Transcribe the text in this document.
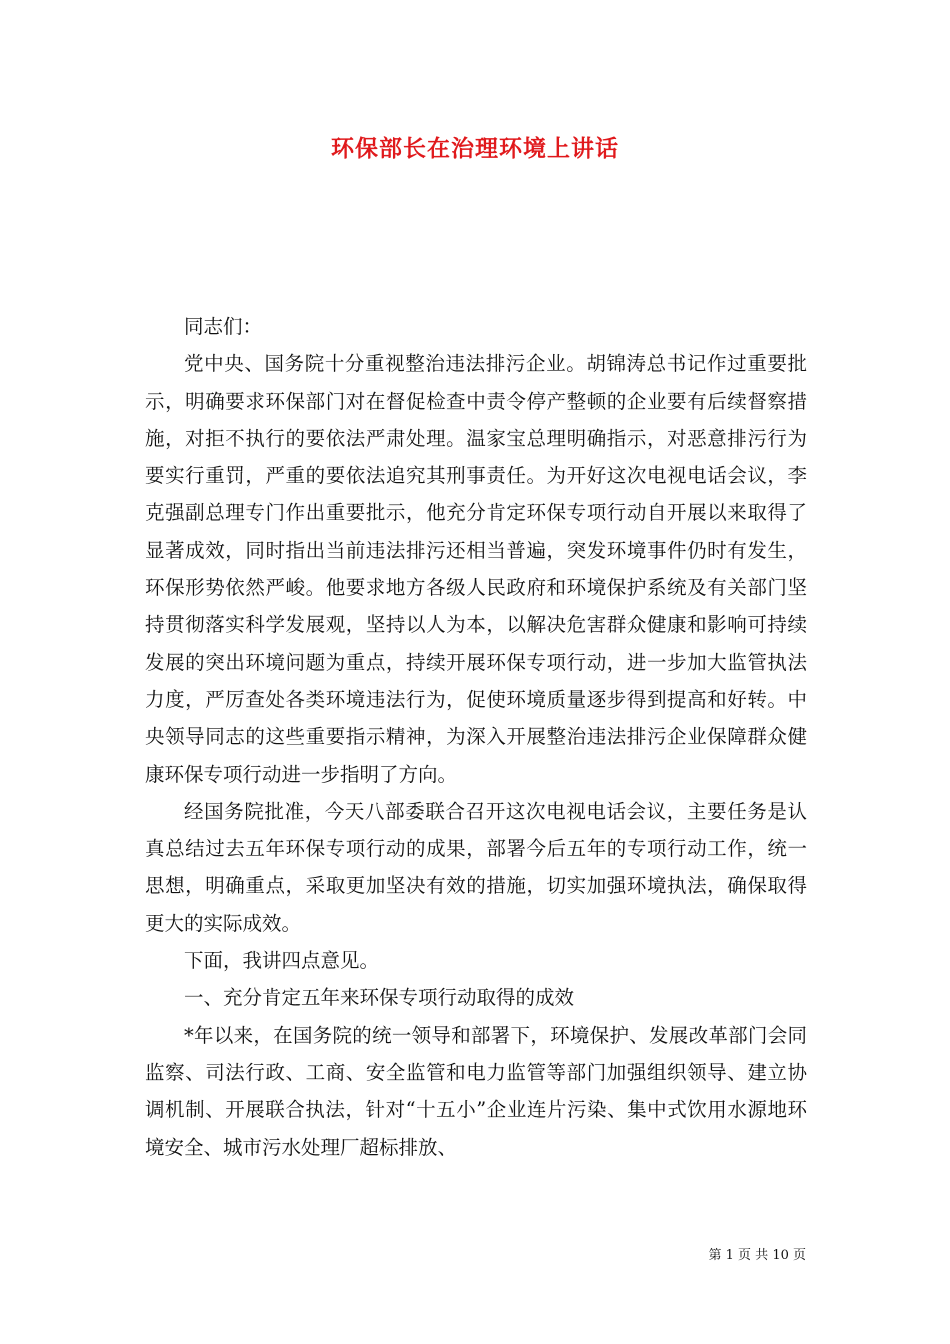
环保部长在治理环境上讲话

同志们：

党中央、国务院十分重视整治违法排污企业。胡锦涛总书记作过重要批示，明确要求环保部门对在督促检查中责令停产整顿的企业要有后续督察措施，对拒不执行的要依法严肃处理。温家宝总理明确指示，对恶意排污行为要实行重罚，严重的要依法追究其刑事责任。为开好这次电视电话会议，李克强副总理专门作出重要批示，他充分肯定环保专项行动自开展以来取得了显著成效，同时指出当前违法排污还相当普遍，突发环境事件仍时有发生，环保形势依然严峻。他要求地方各级人民政府和环境保护系统及有关部门坚持贯彻落实科学发展观，坚持以人为本，以解决危害群众健康和影响可持续发展的突出环境问题为重点，持续开展环保专项行动，进一步加大监管执法力度，严厉查处各类环境违法行为，促使环境质量逐步得到提高和好转。中央领导同志的这些重要指示精神，为深入开展整治违法排污企业保障群众健康环保专项行动进一步指明了方向。

经国务院批准，今天八部委联合召开这次电视电话会议，主要任务是认真总结过去五年环保专项行动的成果，部署今后五年的专项行动工作，统一思想，明确重点，采取更加坚决有效的措施，切实加强环境执法，确保取得更大的实际成效。

下面，我讲四点意见。

一、充分肯定五年来环保专项行动取得的成效

*年以来，在国务院的统一领导和部署下，环境保护、发展改革部门会同监察、司法行政、工商、安全监管和电力监管等部门加强组织领导、建立协调机制、开展联合执法，针对“十五小”企业连片污染、集中式饮用水源地环境安全、城市污水处理厂超标排放、

第 1 页 共 10 页
